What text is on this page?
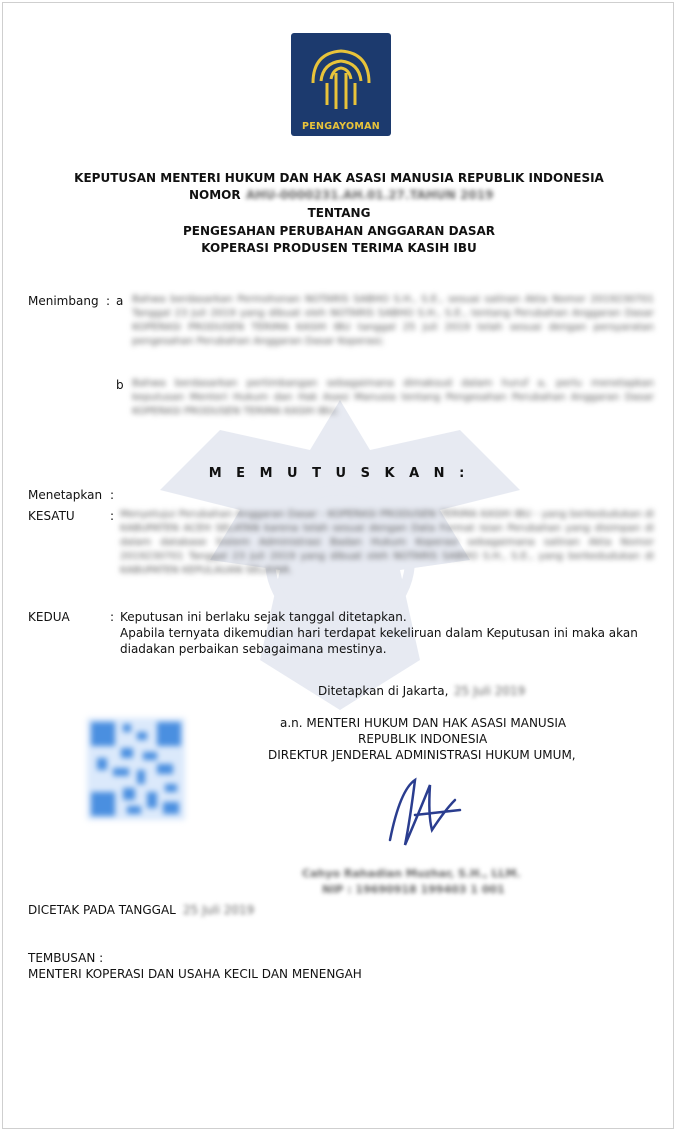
PENGAYOMAN
KEPUTUSAN MENTERI HUKUM DAN HAK ASASI MANUSIA REPUBLIK INDONESIA
NOMOR AHU-0000231.AH.01.27.TAHUN 2019
TENTANG
PENGESAHAN PERUBAHAN ANGGARAN DASAR
KOPERASI PRODUSEN TERIMA KASIH IBU
Menimbang : a Bahwa berdasarkan Permohonan NOTARIS SABHO S.H., S.E., sesuai salinan Akta Nomor 2019230701 Tanggal 23 Juli 2019 yang dibuat oleh NOTARIS SABHO S.H., S.E., tentang Perubahan Anggaran Dasar KOPERASI PRODUSEN TERIMA KASIH IBU tanggal 25 Juli 2019 telah sesuai dengan persyaratan pengesahan Perubahan Anggaran Dasar Koperasi;
b Bahwa berdasarkan pertimbangan sebagaimana dimaksud dalam huruf a, perlu menetapkan keputusan Menteri Hukum dan Hak Asasi Manusia tentang Pengesahan Perubahan Anggaran Dasar KOPERASI PRODUSEN TERIMA KASIH IBU;
M E M U T U S K A N :
Menetapkan :
KESATU	: Menyetujui Perubahan Anggaran Dasar - KOPERASI PRODUSEN TERIMA KASIH IBU - yang berkedudukan di KABUPATEN ACEH SELATAN karena telah sesuai dengan Data Format Isian Perubahan yang disimpan di dalam database Sistem Administrasi Badan Hukum Koperasi sebagaimana salinan Akta Nomor 2019230701 Tanggal 23 Juli 2019 yang dibuat oleh NOTARIS SABHO S.H., S.E., yang berkedudukan di KABUPATEN KEPULAUAN SELAYAR.
KEDUA	: Keputusan ini berlaku sejak tanggal ditetapkan.
Apabila ternyata dikemudian hari terdapat kekeliruan dalam Keputusan ini maka akan
diadakan perbaikan sebagaimana mestinya.
Ditetapkan di Jakarta, 25 Juli 2019
a.n. MENTERI HUKUM DAN HAK ASASI MANUSIA
REPUBLIK INDONESIA
DIREKTUR JENDERAL ADMINISTRASI HUKUM UMUM,
Cahyo Rahadian Muzhar, S.H., LLM.
NIP : 19690918 199403 1 001
DICETAK PADA TANGGAL 25 Juli 2019
TEMBUSAN :
MENTERI KOPERASI DAN USAHA KECIL DAN MENENGAH
